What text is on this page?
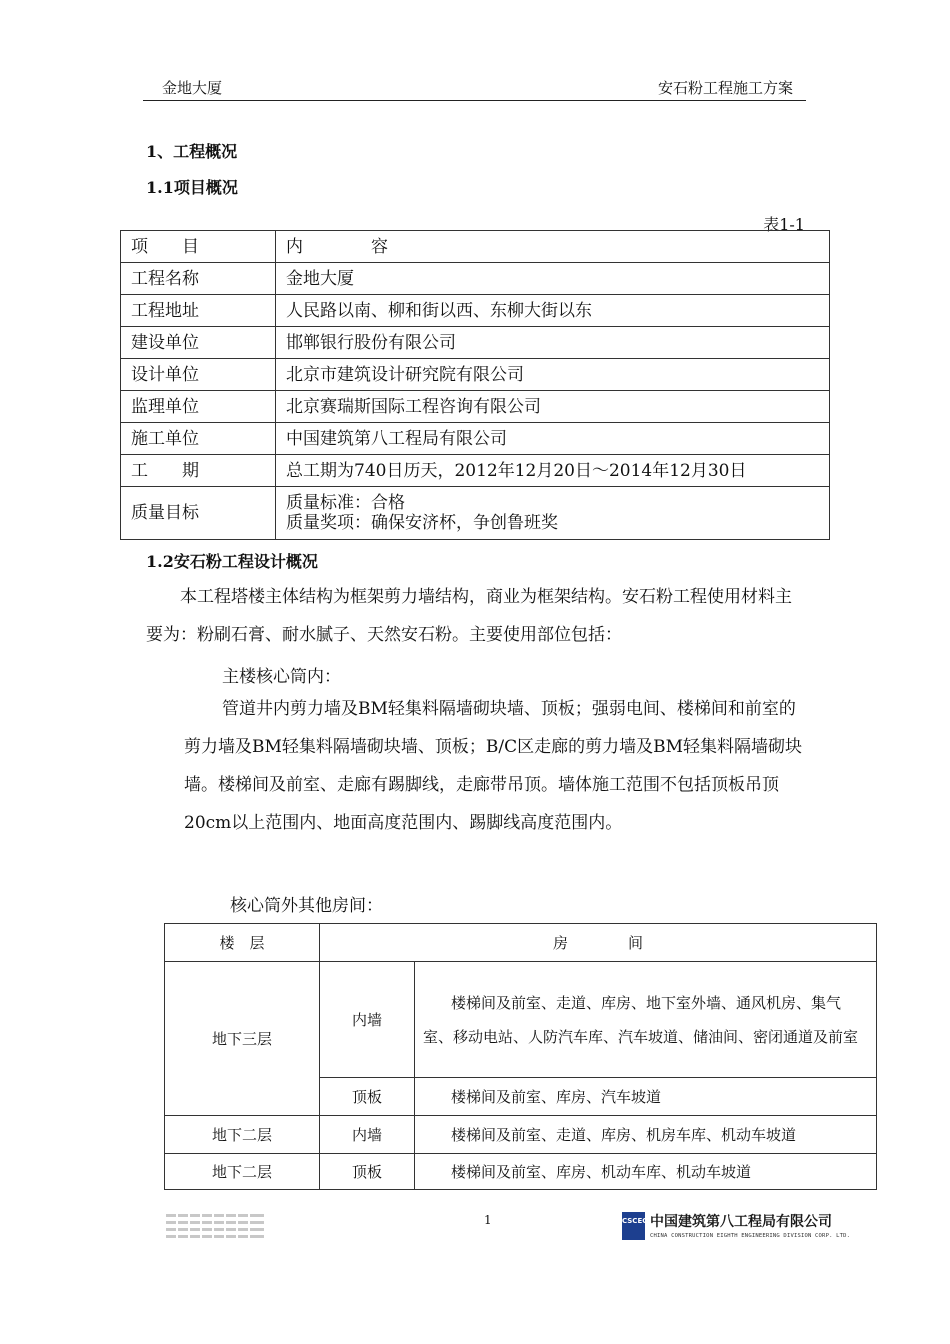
金地大厦	安石粉工程施工方案
1、工程概况
1.1项目概况
表1-1
项　　目	内　　　　容
工程名称	金地大厦
工程地址	人民路以南、柳和街以西、东柳大街以东
建设单位	邯郸银行股份有限公司
设计单位	北京市建筑设计研究院有限公司
监理单位	北京赛瑞斯国际工程咨询有限公司
施工单位	中国建筑第八工程局有限公司
工　　期	总工期为740日历天，2012年12月20日～2014年12月30日
质量目标	质量标准：合格
质量奖项：确保安济杯，争创鲁班奖
1.2安石粉工程设计概况
本工程塔楼主体结构为框架剪力墙结构，商业为框架结构。安石粉工程使用材料主要为：粉刷石膏、耐水腻子、天然安石粉。主要使用部位包括：
主楼核心筒内：
管道井内剪力墙及BM轻集料隔墙砌块墙、顶板；强弱电间、楼梯间和前室的剪力墙及BM轻集料隔墙砌块墙、顶板；B/C区走廊的剪力墙及BM轻集料隔墙砌块墙。楼梯间及前室、走廊有踢脚线，走廊带吊顶。墙体施工范围不包括顶板吊顶20cm以上范围内、地面高度范围内、踢脚线高度范围内。
核心筒外其他房间：
楼　层	房　　　　间	
地下三层	内墙	楼梯间及前室、走道、库房、地下室外墙、通风机房、集气室、移动电站、人防汽车库、汽车坡道、储油间、密闭通道及前室
	顶板	楼梯间及前室、库房、汽车坡道
地下二层	内墙	楼梯间及前室、走道、库房、机房车库、机动车坡道
地下二层	顶板	楼梯间及前室、库房、机动车库、机动车坡道
1	CSCEC 中国建筑第八工程局有限公司
CHINA CONSTRUCTION EIGHTH ENGINEERING DIVISION CORP. LTD.
